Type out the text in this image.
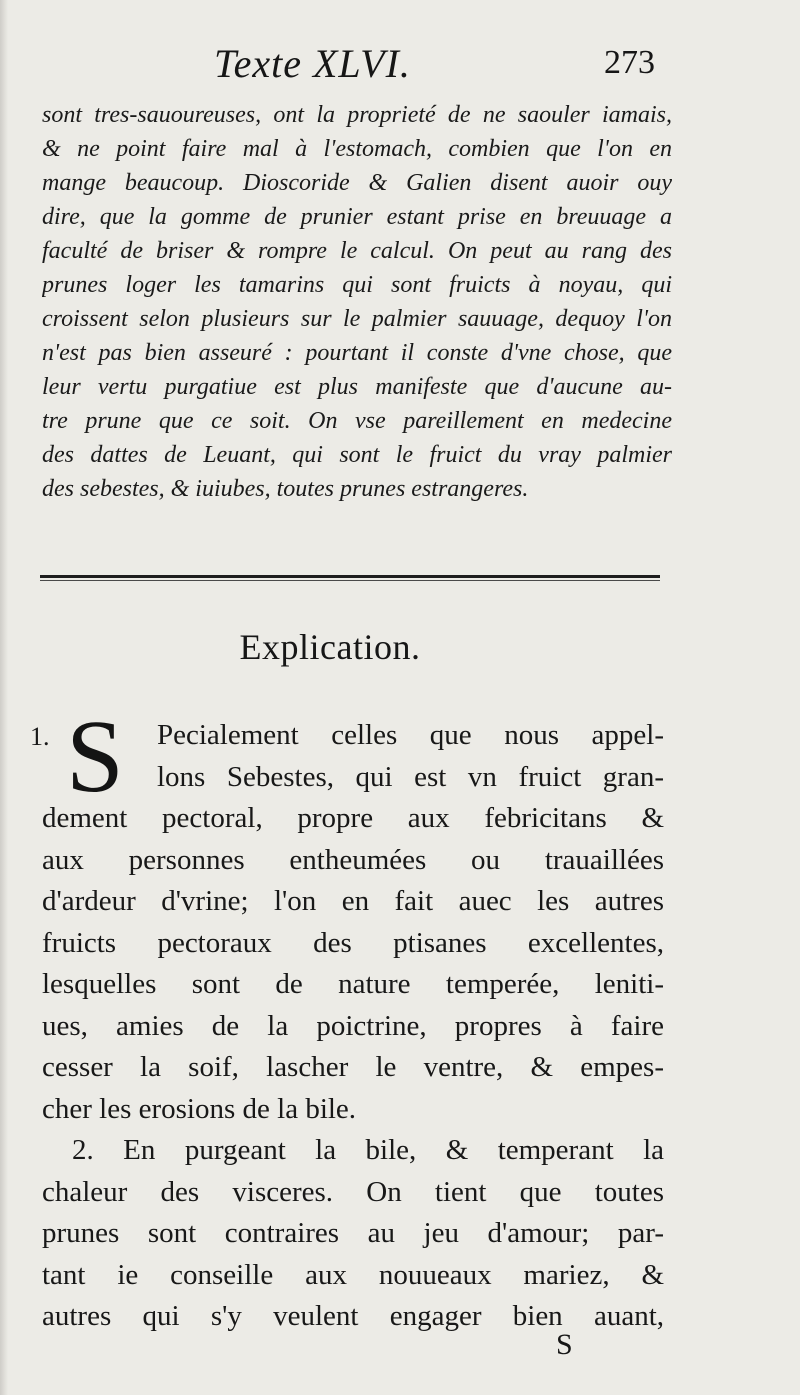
Texte XLVI.	273
sont tres-sauoureuses, ont la proprieté de ne saouler iamais,
& ne point faire mal à l'estomach, combien que l'on en
mange beaucoup. Dioscoride & Galien disent auoir ouy
dire, que la gomme de prunier estant prise en breuuage a
faculté de briser & rompre le calcul. On peut au rang des
prunes loger les tamarins qui sont fruicts à noyau, qui
croissent selon plusieurs sur le palmier sauuage, dequoy l'on
n'est pas bien asseuré : pourtant il conste d'vne chose, que
leur vertu purgatiue est plus manifeste que d'aucune au-
tre prune que ce soit. On vse pareillement en medecine
des dattes de Leuant, qui sont le fruict du vray palmier
des sebestes, & iuiubes, toutes prunes estrangeres.
Explication.
1. S	Pecialement celles que nous appel-
lons Sebestes, qui est vn fruict gran-
dement pectoral, propre aux febricitans &
aux personnes entheumées ou trauaillées
d'ardeur d'vrine; l'on en fait auec les autres
fruicts pectoraux des ptisanes excellentes,
lesquelles sont de nature temperée, leniti-
ues, amies de la poictrine, propres à faire
cesser la soif, lascher le ventre, & empes-
cher les erosions de la bile.
2. En purgeant la bile, & temperant la
chaleur des visceres. On tient que toutes
prunes sont contraires au jeu d'amour; par-
tant ie conseille aux nouueaux mariez, &
autres qui s'y veulent engager bien auant,
S
